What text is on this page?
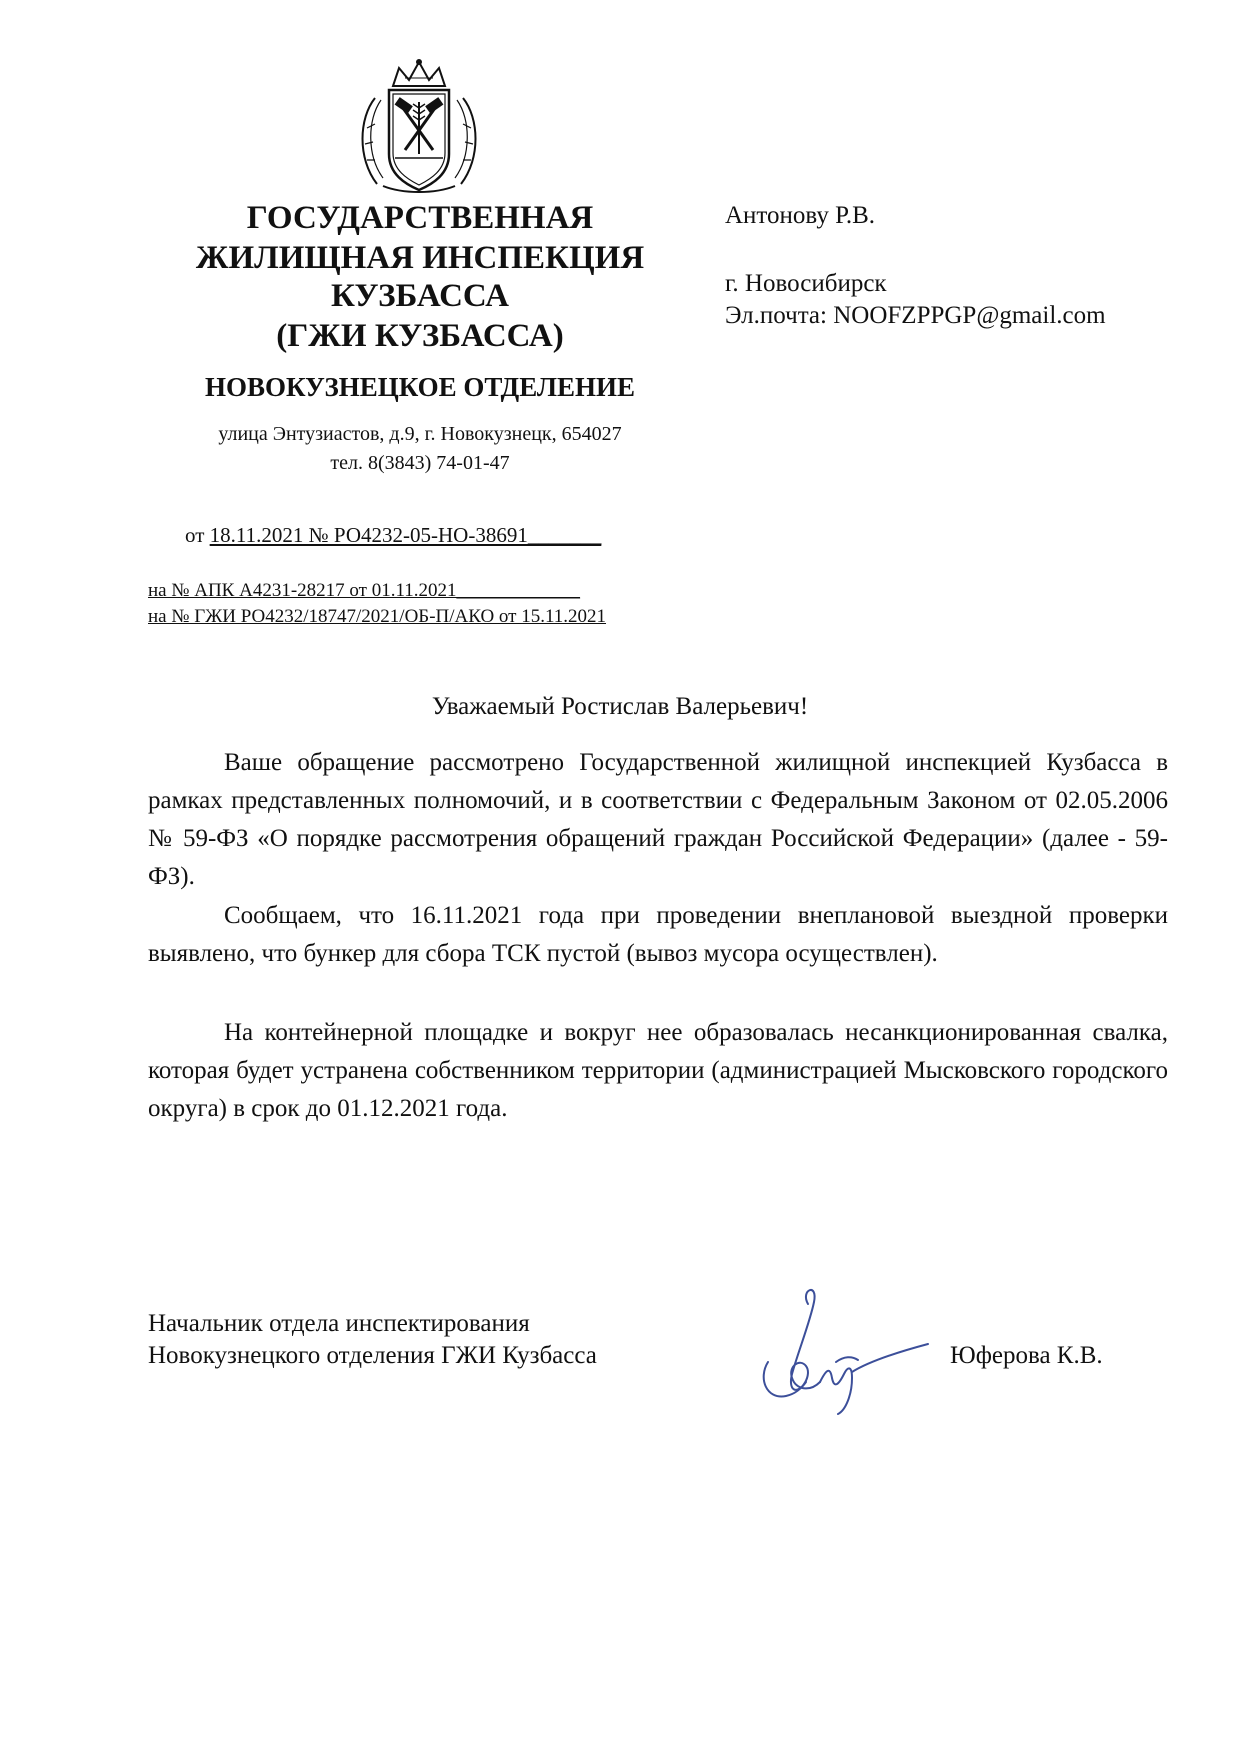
ГОСУДАРСТВЕННАЯ
ЖИЛИЩНАЯ ИНСПЕКЦИЯ
КУЗБАССА
(ГЖИ КУЗБАССА)
НОВОКУЗНЕЦКОЕ ОТДЕЛЕНИЕ
улица Энтузиастов, д.9, г. Новокузнецк, 654027
тел. 8(3843) 74-01-47
от 18.11.2021 № РО4232-05-НО-38691_______
на № АПК А4231-28217 от 01.11.2021_____________
на № ГЖИ РО4232/18747/2021/ОБ-П/АКО от 15.11.2021
Антонову Р.В.
г. Новосибирск
Эл.почта: NOOFZPPGP@gmail.com
Уважаемый Ростислав Валерьевич!
Ваше обращение рассмотрено Государственной жилищной инспекцией Кузбасса в рамках представленных полномочий, и в соответствии с Федеральным Законом от 02.05.2006 № 59-ФЗ «О порядке рассмотрения обращений граждан Российской Федерации» (далее - 59-ФЗ).
Сообщаем, что 16.11.2021 года при проведении внеплановой выездной проверки выявлено, что бункер для сбора ТСК пустой (вывоз мусора осуществлен).
На контейнерной площадке и вокруг нее образовалась несанкционированная свалка, которая будет устранена собственником территории (администрацией Мысковского городского округа) в срок до 01.12.2021 года.
Начальник отдела инспектирования
Новокузнецкого отделения ГЖИ Кузбасса	Юферова К.В.
